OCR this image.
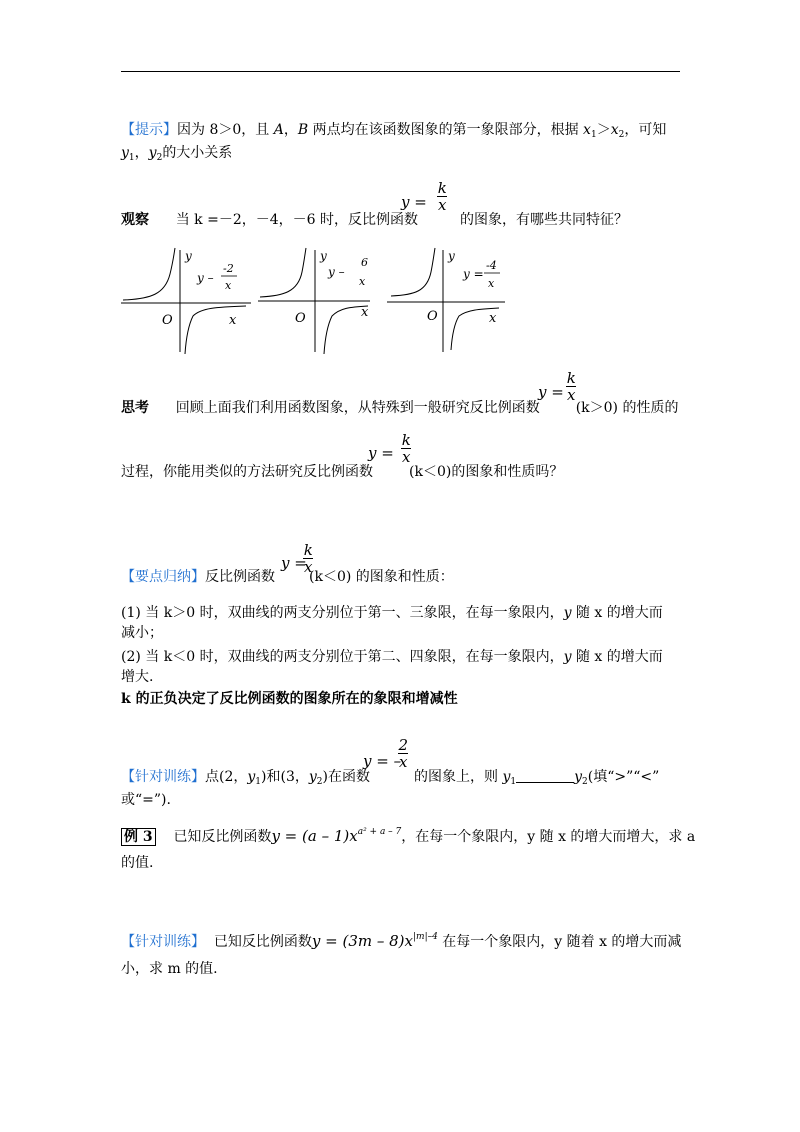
【提示】因为 8＞0，且 A，B 两点均在该函数图象的第一象限部分，根据 $x_1>x_2$，可知
$y_1$，$y_2$的大小关系
$y = \frac{k}{x}$
观察 当 k =－2，－4，－6 时，反比例函数	的图象，有哪些共同特征？
y
y –
-2
x
O	x
y
y –
6
x
O	x
y
y =
-4
x
O	x
$y = \frac{k}{x}$
思考 回顾上面我们利用函数图象，从特殊到一般研究反比例函数	(k＞0) 的性质的
$y = \frac{k}{x}$
过程，你能用类似的方法研究反比例函数	(k＜0)的图象和性质吗？
y =
$\frac{k}{x}$
【要点归纳】反比例函数 (k＜0) 的图象和性质：
(1) 当 k＞0 时，双曲线的两支分别位于第一、三象限，在每一象限内，y 随 x 的增大而
减小；
(2) 当 k＜0 时，双曲线的两支分别位于第二、四象限，在每一象限内，y 随 x 的增大而
增大.
k 的正负决定了反比例函数的图象所在的象限和增减性
y = –
$\frac{2}{x}$
【针对训练】点(2，$y_1$)和(3，$y_2$)在函数	的图象上，则 $y_1$	$y_2$(填“>”“<”
或“=”).
例 3 已知反比例函数$y = (a - 1)x^{a^2 + a - 7}$，在每一个象限内，y 随 x 的增大而增大，求 a
的值.
【针对训练】 已知反比例函数$y = (3m - 8)x^{|m|-4}$ 在每一个象限内，y 随着 x 的增大而减
小，求 m 的值.
